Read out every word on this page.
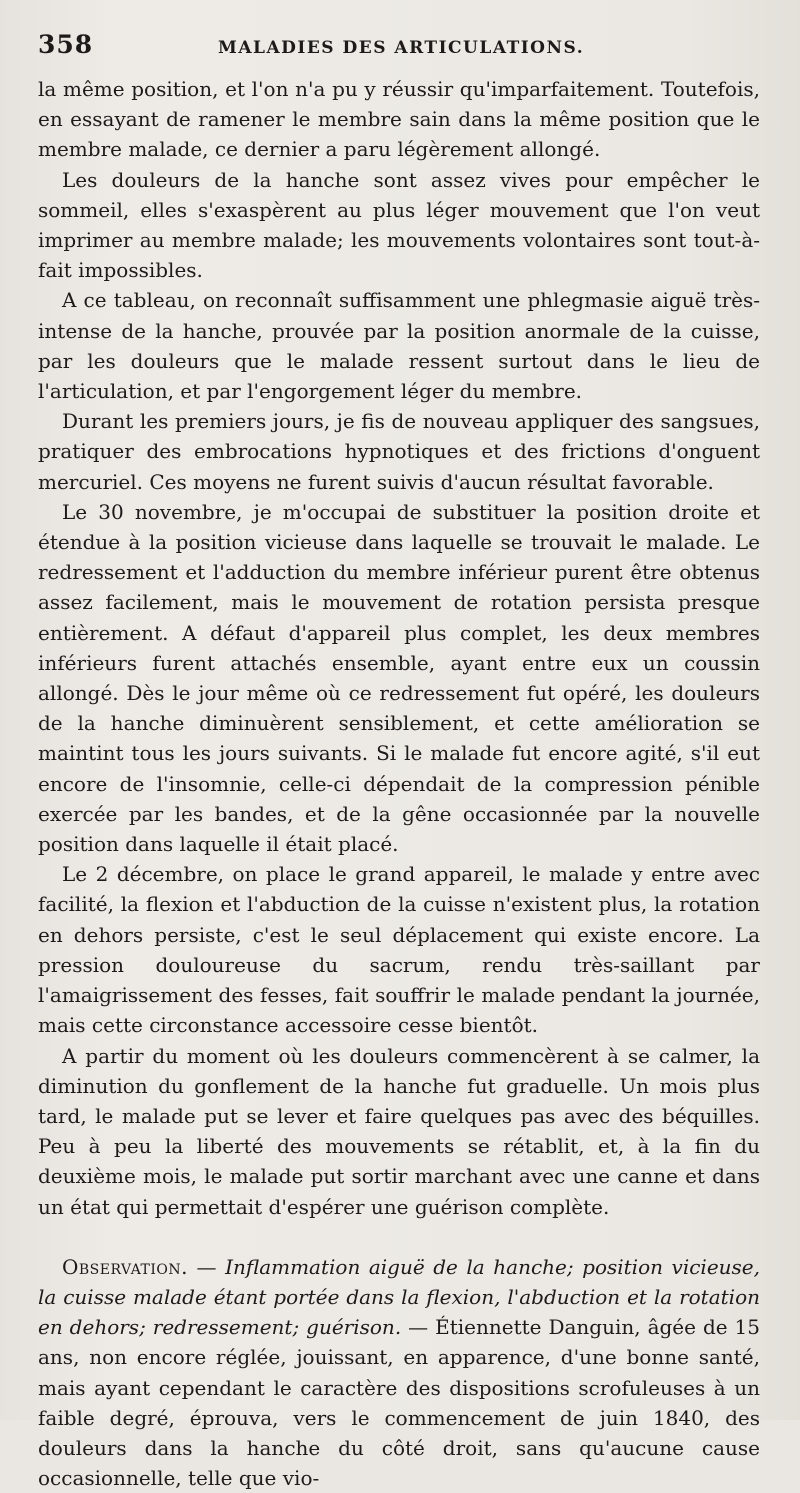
358	MALADIES DES ARTICULATIONS.

la même position, et l'on n'a pu y réussir qu'imparfaitement. Toutefois, en essayant de ramener le membre sain dans la même position que le membre malade, ce dernier a paru légèrement allongé.

Les douleurs de la hanche sont assez vives pour empêcher le sommeil, elles s'exaspèrent au plus léger mouvement que l'on veut imprimer au membre malade; les mouvements volontaires sont tout-à-fait impossibles.

A ce tableau, on reconnaît suffisamment une phlegmasie aiguë très-intense de la hanche, prouvée par la position anormale de la cuisse, par les douleurs que le malade ressent surtout dans le lieu de l'articulation, et par l'engorgement léger du membre.

Durant les premiers jours, je fis de nouveau appliquer des sangsues, pratiquer des embrocations hypnotiques et des frictions d'onguent mercuriel. Ces moyens ne furent suivis d'aucun résultat favorable.

Le 30 novembre, je m'occupai de substituer la position droite et étendue à la position vicieuse dans laquelle se trouvait le malade. Le redressement et l'adduction du membre inférieur purent être obtenus assez facilement, mais le mouvement de rotation persista presque entièrement. A défaut d'appareil plus complet, les deux membres inférieurs furent attachés ensemble, ayant entre eux un coussin allongé. Dès le jour même où ce redressement fut opéré, les douleurs de la hanche diminuèrent sensiblement, et cette amélioration se maintint tous les jours suivants. Si le malade fut encore agité, s'il eut encore de l'insomnie, celle-ci dépendait de la compression pénible exercée par les bandes, et de la gêne occasionnée par la nouvelle position dans laquelle il était placé.

Le 2 décembre, on place le grand appareil, le malade y entre avec facilité, la flexion et l'abduction de la cuisse n'existent plus, la rotation en dehors persiste, c'est le seul déplacement qui existe encore. La pression douloureuse du sacrum, rendu très-saillant par l'amaigrissement des fesses, fait souffrir le malade pendant la journée, mais cette circonstance accessoire cesse bientôt.

A partir du moment où les douleurs commencèrent à se calmer, la diminution du gonflement de la hanche fut graduelle. Un mois plus tard, le malade put se lever et faire quelques pas avec des béquilles. Peu à peu la liberté des mouvements se rétablit, et, à la fin du deuxième mois, le malade put sortir marchant avec une canne et dans un état qui permettait d'espérer une guérison complète.

Observation. — Inflammation aiguë de la hanche; position vicieuse, la cuisse malade étant portée dans la flexion, l'abduction et la rotation en dehors; redressement; guérison. — Étiennette Danguin, âgée de 15 ans, non encore réglée, jouissant, en apparence, d'une bonne santé, mais ayant cependant le caractère des dispositions scrofuleuses à un faible degré, éprouva, vers le commencement de juin 1840, des douleurs dans la hanche du côté droit, sans qu'aucune cause occasionnelle, telle que vio-
